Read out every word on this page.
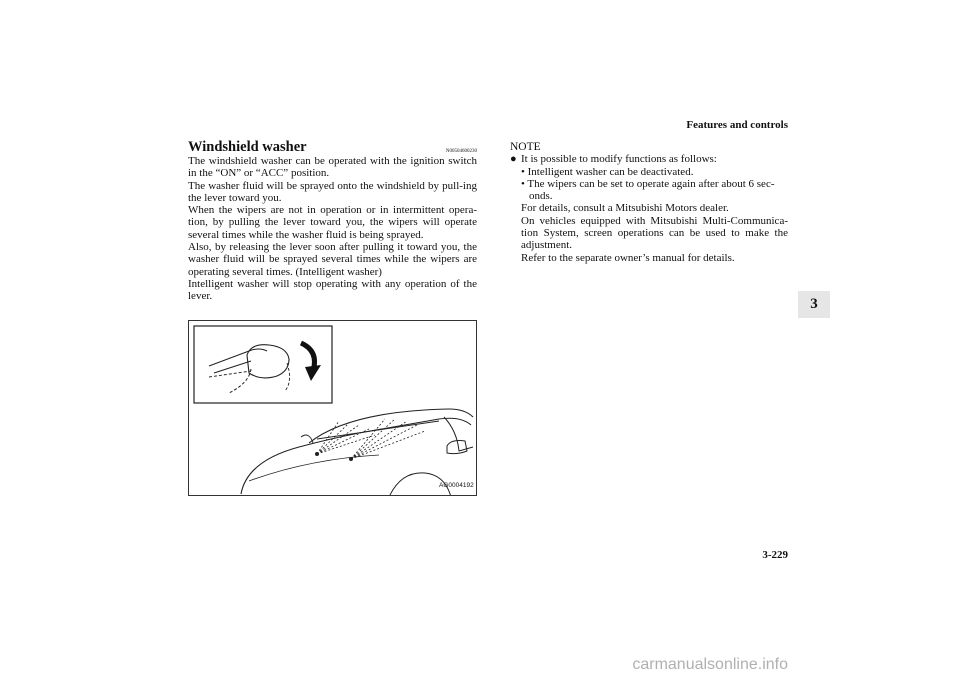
Features and controls
3
Windshield washer	N00504600230

The windshield washer can be operated with the ignition switch in the “ON” or “ACC” position.

The washer fluid will be sprayed onto the windshield by pull-ing the lever toward you.

When the wipers are not in operation or in intermittent opera-tion, by pulling the lever toward you, the wipers will operate several times while the washer fluid is being sprayed.

Also, by releasing the lever soon after pulling it toward you, the washer fluid will be sprayed several times while the wipers are operating several times. (Intelligent washer)

Intelligent washer will stop operating with any operation of the lever.

AG0004192

NOTE

● It is possible to modify functions as follows:
• Intelligent washer can be deactivated.
• The wipers can be set to operate again after about 6 sec-
onds.
For details, consult a Mitsubishi Motors dealer.
On vehicles equipped with Mitsubishi Multi-Communica-tion System, screen operations can be used to make the adjustment.
Refer to the separate owner’s manual for details.
3-229
carmanualsonline.info
